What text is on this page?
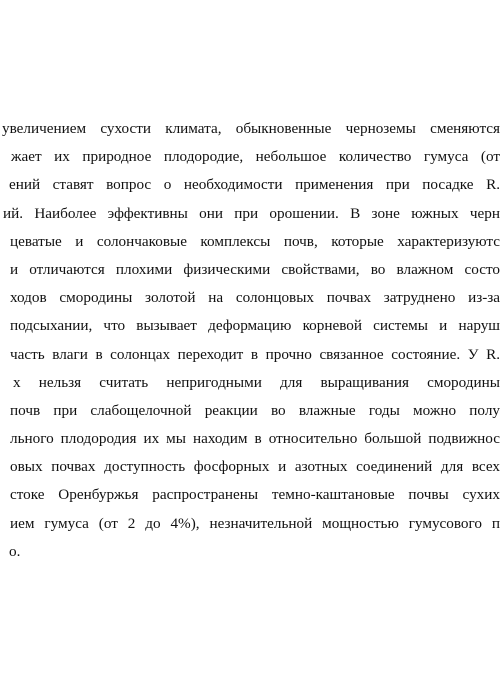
увеличением сухости климата, обыкновенные черноземы сменяются
жает их природное плодородие, небольшое количество гумуса (от
ений ставят вопрос о необходимости применения при посадке R.
ий. Наиболее эффективны они при орошении. В зоне южных черн
цеватые и солончаковые комплексы почв, которые характеризуютс
и отличаются плохими физическими свойствами, во влажном состо
ходов смородины золотой на солонцовых почвах затруднено из-за
подсыхании, что вызывает деформацию корневой системы и наруш
часть влаги в солонцах переходит в прочно связанное состояние. У R.
х нельзя считать непригодными для выращивания смородины
почв при слабощелочной реакции во влажные годы можно полу
льного плодородия их мы находим в относительно большой подвижнос
овых почвах доступность фосфорных и азотных соединений для всех
стоке Оренбуржья распространены темно-каштановые почвы сухих
ием гумуса (от 2 до 4%), незначительной мощностью гумусового п
о.
